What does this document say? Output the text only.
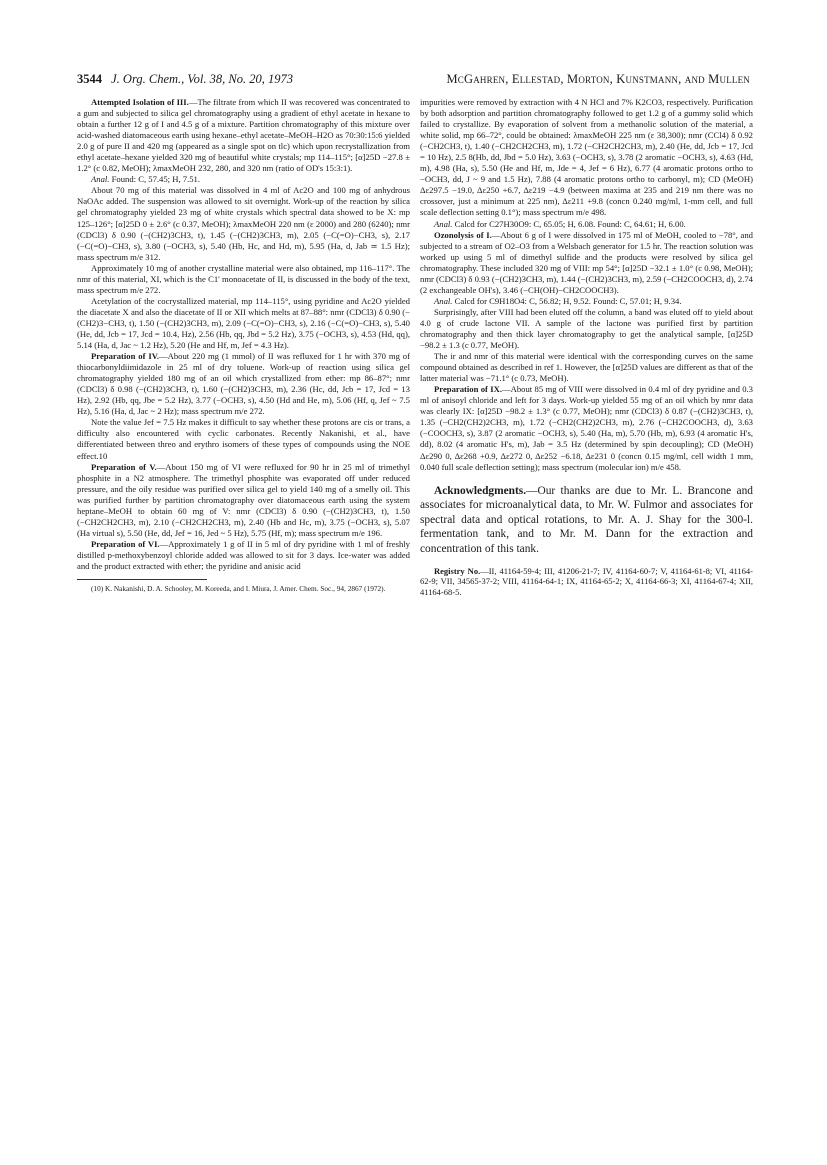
3544 J. Org. Chem., Vol. 38, No. 20, 1973	McGahren, Ellestad, Morton, Kunstmann, and Mullen

Attempted Isolation of III.—The filtrate from which II was recovered was concentrated to a gum and subjected to silica gel chromatography using a gradient of ethyl acetate in hexane to obtain a further 12 g of I and 4.5 g of a mixture. Partition chromatography of this mixture over acid-washed diatomaceous earth using hexane–ethyl acetate–MeOH–H2O as 70:30:15:6 yielded 2.0 g of pure II and 420 mg (appeared as a single spot on tlc) which upon recrystallization from ethyl acetate–hexane yielded 320 mg of beautiful white crystals; mp 114–115°; [α]25D −27.8 ± 1.2° (c 0.82, MeOH); λmaxMeOH 232, 280, and 320 nm (ratio of OD's 15:3:1).

Anal. Found: C, 57.45; H, 7.51.

About 70 mg of this material was dissolved in 4 ml of Ac2O and 100 mg of anhydrous NaOAc added. The suspension was allowed to sit overnight. Work-up of the reaction by silica gel chromatography yielded 23 mg of white crystals which spectral data showed to be X: mp 125–126°; [α]25D 0 ± 2.6° (c 0.37, MeOH); λmaxMeOH 220 nm (ε 2000) and 280 (6240); nmr (CDCl3) δ 0.90 (−(CH2)3CH3, t), 1.45 (−(CH2)3CH3, m), 2.05 (−C(=O)−CH3, s), 2.17 (−C(=O)−CH3, s), 3.80 (−OCH3, s), 5.40 (Hb, Hc, and Hd, m), 5.95 (Ha, d, Jab ≃ 1.5 Hz); mass spectrum m/e 312.

Approximately 10 mg of another crystalline material were also obtained, mp 116–117°. The nmr of this material, XI, which is the C1' monoacetate of II, is discussed in the body of the text, mass spectrum m/e 272.

Acetylation of the cocrystallized material, mp 114–115°, using pyridine and Ac2O yielded the diacetate X and also the diacetate of II or XII which melts at 87–88°: nmr (CDCl3) δ 0.90 (−(CH2)3−CH3, t), 1.50 (−(CH2)3CH3, m), 2.09 (−C(=O)−CH3, s), 2.16 (−C(=O)−CH3, s), 5.40 (He, dd, Jcb = 17, Jcd = 10.4, Hz), 2.56 (Hb, qq, Jbd = 5.2 Hz), 3.75 (−OCH3, s), 4.53 (Hd, qq), 5.14 (Ha, d, Jac ~ 1.2 Hz), 5.20 (He and Hf, m, Jef = 4.3 Hz).

Preparation of IV.—About 220 mg (1 mmol) of II was refluxed for 1 hr with 370 mg of thiocarbonyldiimidazole in 25 ml of dry toluene. Work-up of reaction using silica gel chromatography yielded 180 mg of an oil which crystallized from ether: mp 86–87°; nmr (CDCl3) δ 0.98 (−(CH2)3CH3, t), 1.60 (−(CH2)3CH3, m), 2.36 (Hc, dd, Jcb = 17, Jcd = 13 Hz), 2.92 (Hb, qq, Jbe = 5.2 Hz), 3.77 (−OCH3, s), 4.50 (Hd and He, m), 5.06 (Hf, q, Jef ~ 7.5 Hz), 5.16 (Ha, d, Jac ~ 2 Hz); mass spectrum m/e 272.

Note the value Jef = 7.5 Hz makes it difficult to say whether these protons are cis or trans, a difficulty also encountered with cyclic carbonates. Recently Nakanishi, et al., have differentiated between threo and erythro isomers of these types of compounds using the NOE effect.10

Preparation of V.—About 150 mg of VI were refluxed for 90 hr in 25 ml of trimethyl phosphite in a N2 atmosphere. The trimethyl phosphite was evaporated off under reduced pressure, and the oily residue was purified over silica gel to yield 140 mg of a smelly oil. This was purified further by partition chromatography over diatomaceous earth using the system heptane–MeOH to obtain 60 mg of V: nmr (CDCl3) δ 0.90 (−(CH2)3CH3, t), 1.50 (−CH2CH2CH3, m), 2.10 (−CH2CH2CH3, m), 2.40 (Hb and Hc, m), 3.75 (−OCH3, s), 5.07 (Ha virtual s), 5.50 (He, dd, Jef = 16, Jed ~ 5 Hz), 5.75 (Hf, m); mass spectrum m/e 196.

Preparation of VI.—Approximately 1 g of II in 5 ml of dry pyridine with 1 ml of freshly distilled p-methoxybenzoyl chloride added was allowed to sit for 3 days. Ice-water was added and the product extracted with ether; the pyridine and anisic acid

(10) K. Nakanishi, D. A. Schooley, M. Koreeda, and I. Miura, J. Amer. Chem. Soc., 94, 2867 (1972).

impurities were removed by extraction with 4 N HCl and 7% K2CO3, respectively. Purification by both adsorption and partition chromatography followed to get 1.2 g of a gummy solid which failed to crystallize. By evaporation of solvent from a methanolic solution of the material, a white solid, mp 66–72°, could be obtained: λmaxMeOH 225 nm (ε 38,300); nmr (CCl4) δ 0.92 (−CH2CH3, t), 1.40 (−CH2CH2CH3, m), 1.72 (−CH2CH2CH3, m), 2.40 (He, dd, Jcb = 17, Jcd = 10 Hz), 2.5 8(Hb, dd, Jbd = 5.0 Hz), 3.63 (−OCH3, s), 3.78 (2 aromatic −OCH3, s), 4.63 (Hd, m), 4.98 (Ha, s), 5.50 (He and Hf, m, Jde = 4, Jef = 6 Hz), 6.77 (4 aromatic protons ortho to −OCH3, dd, J ~ 9 and 1.5 Hz), 7.88 (4 aromatic protons ortho to carbonyl, m); CD (MeOH) Δε297.5 −19.0, Δε250 +6.7, Δε219 −4.9 (between maxima at 235 and 219 nm there was no crossover, just a minimum at 225 nm), Δε211 +9.8 (concn 0.240 mg/ml, 1-mm cell, and full scale deflection setting 0.1°); mass spectrum m/e 498.

Anal. Calcd for C27H30O9: C, 65.05; H, 6.08. Found: C, 64.61; H, 6.00.

Ozonolysis of I.—About 6 g of I were dissolved in 175 ml of MeOH, cooled to −78°, and subjected to a stream of O2–O3 from a Welsbach generator for 1.5 hr. The reaction solution was worked up using 5 ml of dimethyl sulfide and the products were resolved by silica gel chromatography. These included 320 mg of VIII: mp 54°; [α]25D −32.1 ± 1.0° (c 0.98, MeOH); nmr (CDCl3) δ 0.93 (−(CH2)3CH3, m), 1.44 (−(CH2)3CH3, m), 2.59 (−CH2COOCH3, d), 2.74 (2 exchangeable OH's), 3.46 (−CH(OH)−CH2COOCH3).

Anal. Calcd for C9H18O4: C, 56.82; H, 9.52. Found: C, 57.01; H, 9.34.

Surprisingly, after VIII had been eluted off the column, a band was eluted off to yield about 4.0 g of crude lactone VII. A sample of the lactone was purified first by partition chromatography and then thick layer chromatography to get the analytical sample, [α]25D −98.2 ± 1.3 (c 0.77, MeOH).

The ir and nmr of this material were identical with the corresponding curves on the same compound obtained as described in ref 1. However, the [α]25D values are different as that of the latter material was −71.1° (c 0.73, MeOH).

Preparation of IX.—About 85 mg of VIII were dissolved in 0.4 ml of dry pyridine and 0.3 ml of anisoyl chloride and left for 3 days. Work-up yielded 55 mg of an oil which by nmr data was clearly IX: [α]25D −98.2 ± 1.3° (c 0.77, MeOH); nmr (CDCl3) δ 0.87 (−(CH2)3CH3, t), 1.35 (−CH2(CH2)2CH3, m), 1.72 (−CH2(CH2)2CH3, m), 2.76 (−CH2COOCH3, d), 3.63 (−COOCH3, s), 3.87 (2 aromatic −OCH3, s), 5.40 (Ha, m), 5.70 (Hb, m), 6.93 (4 aromatic H's, dd), 8.02 (4 aromatic H's, m), Jab = 3.5 Hz (determined by spin decoupling); CD (MeOH) Δε290 0, Δε268 +0.9, Δε272 0, Δε252 −6.18, Δε231 0 (concn 0.15 mg/ml, cell width 1 mm, 0.040 full scale deflection setting); mass spectrum (molecular ion) m/e 458.

Acknowledgments.—Our thanks are due to Mr. L. Brancone and associates for microanalytical data, to Mr. W. Fulmor and associates for spectral data and optical rotations, to Mr. A. J. Shay for the 300-l. fermentation tank, and to Mr. M. Dann for the extraction and concentration of this tank.

Registry No.—II, 41164-59-4; III, 41206-21-7; IV, 41164-60-7; V, 41164-61-8; VI, 41164-62-9; VII, 34565-37-2; VIII, 41164-64-1; IX, 41164-65-2; X, 41164-66-3; XI, 41164-67-4; XII, 41164-68-5.
